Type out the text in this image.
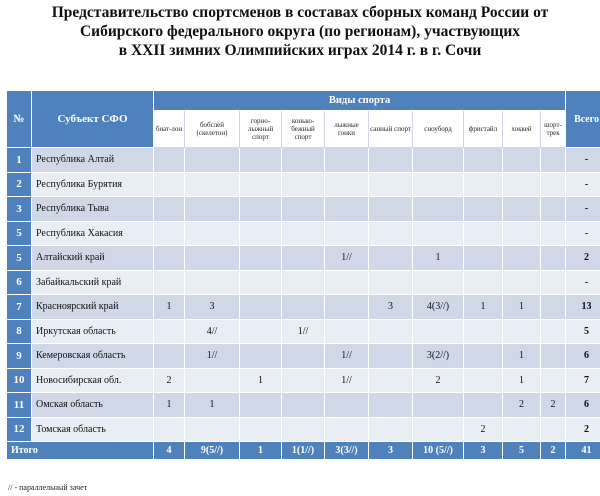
Представительство спортсменов в составах сборных команд России от
Сибирского федерального округа (по регионам), участвующих
в XXII зимних Олимпийских играх 2014 г. в г. Сочи
№	Субъект СФО	Виды спорта										Всего
		биат-лон	бобслей (скелетон)	горно-лыжный спорт	конько-бежный спорт	лыжные гонки	санный спорт	сноуборд	фристайл	хоккей	шорт-трек	
1	Республика Алтай											-
2	Республика Бурятия											-
3	Республика Тыва											-
5	Республика Хакасия											-
5	Алтайский край					1//		1				2
6	Забайкальский край											-
7	Красноярский край	1	3				3	4(3//)	1	1		13
8	Иркутская область		4//		1//							5
9	Кемеровская область		1//			1//		3(2//)		1		6
10	Новосибирская обл.	2		1		1//		2		1		7
11	Омская область	1	1							2	2	6
12	Томская область								2			2
Итого		4	9(5//)	1	1(1//)	3(3//)	3	10 (5//)	3	5	2	41
// - параллельный зачет
